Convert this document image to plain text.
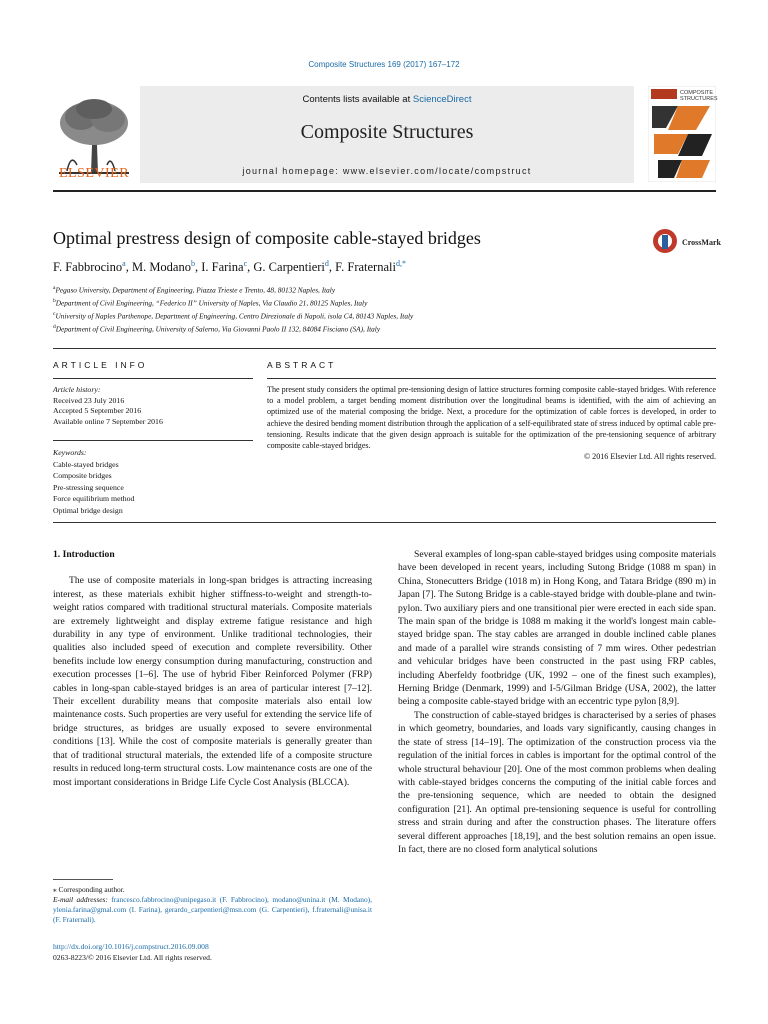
Composite Structures 169 (2017) 167–172
ELSEVIER
Contents lists available at ScienceDirect
Composite Structures
journal homepage: www.elsevier.com/locate/compstruct
COMPOSITE STRUCTURES
Optimal prestress design of composite cable-stayed bridges	CrossMark
F. Fabbrocino$^a$, M. Modano$^b$, I. Farina$^c$, G. Carpentieri$^d$, F. Fraternali$^{d,*}$
$^a$Pegaso University, Department of Engineering, Piazza Trieste e Trento, 48, 80132 Naples, Italy
$^b$Department of Civil Engineering, “Federico II” University of Naples, Via Claudio 21, 80125 Naples, Italy
$^c$University of Naples Parthenope, Department of Engineering, Centro Direzionale di Napoli, isola C4, 80143 Naples, Italy
$^d$Department of Civil Engineering, University of Salerno, Via Giovanni Paolo II 132, 84084 Fisciano (SA), Italy
ARTICLE INFO	ABSTRACT
Article history:
Received 23 July 2016
Accepted 5 September 2016
Available online 7 September 2016
Keywords:
Cable-stayed bridges
Composite bridges
Pre-stressing sequence
Force equilibrium method
Optimal bridge design
The present study considers the optimal pre-tensioning design of lattice structures forming composite cable-stayed bridges. With reference to a model problem, a target bending moment distribution over the longitudinal beams is identified, with the aim of achieving an optimized use of the material composing the bridge. Next, a procedure for the optimization of cable forces is developed, in order to achieve the desired bending moment distribution through the application of a self-equilibrated state of stress induced by optimal cable pre-tensioning. Results indicate that the given design approach is suitable for the optimization of the pre-tensioning sequence of arbitrary composite cable-stayed bridges.
© 2016 Elsevier Ltd. All rights reserved.
1. Introduction

The use of composite materials in long-span bridges is attracting increasing interest, as these materials exhibit higher stiffness-to-weight and strength-to-weight ratios compared with traditional structural materials. Composite materials are extremely lightweight and display extreme fatigue resistance and high durability in any type of environment. Unlike traditional technologies, their qualities also included speed of execution and complete reversibility. Other benefits include low energy consumption during manufacturing, construction and execution processes [1–6]. The use of hybrid Fiber Reinforced Polymer (FRP) cables in long-span cable-stayed bridges is an area of particular interest [7–12]. Their excellent durability means that composite materials also entail low maintenance costs. Such properties are very useful for extending the service life of bridge structures, as bridges are usually exposed to severe environmental conditions [13]. While the cost of composite materials is generally greater than that of traditional structural materials, the extended life of a composite structure results in reduced long-term structural costs. Low maintenance costs are one of the most important considerations in Bridge Life Cycle Cost Analysis (BLCCA).

Several examples of long-span cable-stayed bridges using composite materials have been developed in recent years, including Sutong Bridge (1088 m span) in China, Stonecutters Bridge (1018 m) in Hong Kong, and Tatara Bridge (890 m) in Japan [7]. The Sutong Bridge is a cable-stayed bridge with double-plane and twin-pylon. Two auxiliary piers and one transitional pier were erected in each side span. The main span of the bridge is 1088 m making it the world's longest main cable-stayed bridge span. The stay cables are arranged in double inclined cable planes and made of a parallel wire strands consisting of 7 mm wires. Other pedestrian and vehicular bridges have been constructed in the past using FRP cables, including Aberfeldy footbridge (UK, 1992 – one of the finest such examples), Herning Bridge (Denmark, 1999) and I-5/Gilman Bridge (USA, 2002), the latter being a composite cable-stayed bridge with an eccentric type pylon [8,9].

The construction of cable-stayed bridges is characterised by a series of phases in which geometry, boundaries, and loads vary significantly, causing changes in the state of stress [14–19]. The optimization of the construction process via the regulation of the initial forces in cables is important for the optimal control of the whole structural behaviour [20]. One of the most common problems when dealing with cable-stayed bridges concerns the computing of the initial cable forces and the pre-tensioning sequence, which are needed to obtain the designed configuration [21]. An optimal pre-tensioning sequence is useful for controlling stress and strain during and after the construction phases. The literature offers several different approaches [18,19], and the best solution remains an open issue. In fact, there are no closed form analytical solutions

⁎ Corresponding author.
E-mail addresses: francesco.fabbrocino@unipegaso.it (F. Fabbrocino), modano@unina.it (M. Modano), ylenia.farina@gmal.com (I. Farina), gerardo_carpentieri@msn.com (G. Carpentieri), f.fraternali@unisa.it (F. Fraternali).
http://dx.doi.org/10.1016/j.compstruct.2016.09.008
0263-8223/© 2016 Elsevier Ltd. All rights reserved.
